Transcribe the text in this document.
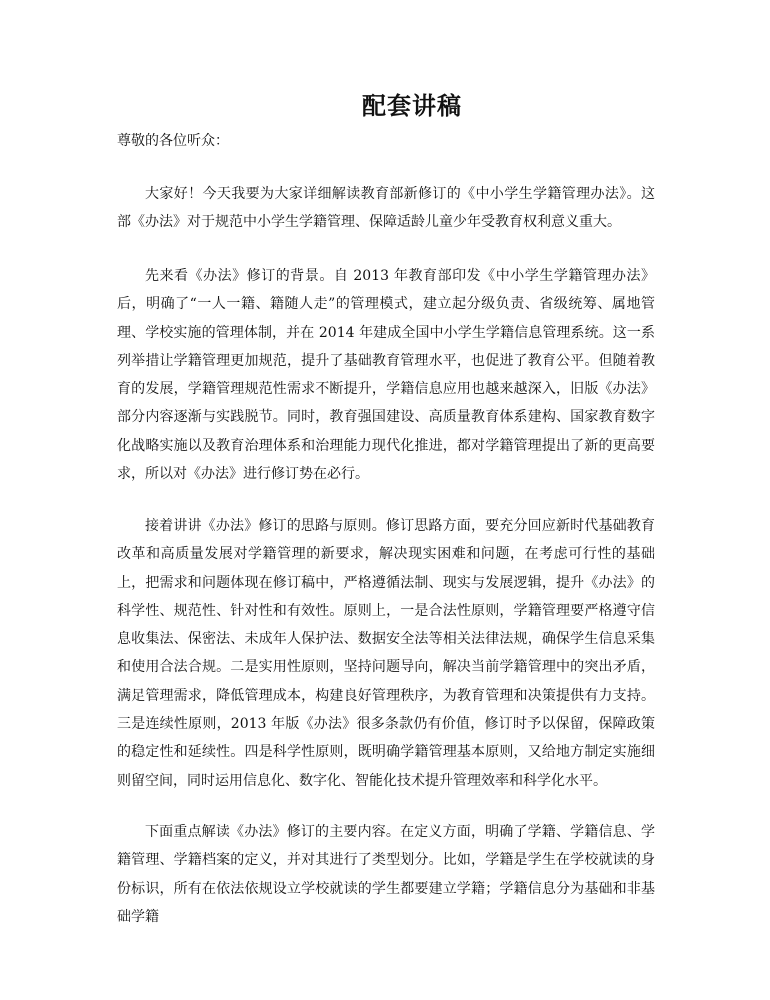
配套讲稿

尊敬的各位听众：

大家好！今天我要为大家详细解读教育部新修订的《中小学生学籍管理办法》。这部《办法》对于规范中小学生学籍管理、保障适龄儿童少年受教育权利意义重大。

先来看《办法》修订的背景。自 2013 年教育部印发《中小学生学籍管理办法》后，明确了“一人一籍、籍随人走”的管理模式，建立起分级负责、省级统筹、属地管理、学校实施的管理体制，并在 2014 年建成全国中小学生学籍信息管理系统。这一系列举措让学籍管理更加规范，提升了基础教育管理水平，也促进了教育公平。但随着教育的发展，学籍管理规范性需求不断提升，学籍信息应用也越来越深入，旧版《办法》部分内容逐渐与实践脱节。同时，教育强国建设、高质量教育体系建构、国家教育数字化战略实施以及教育治理体系和治理能力现代化推进，都对学籍管理提出了新的更高要求，所以对《办法》进行修订势在必行。

接着讲讲《办法》修订的思路与原则。修订思路方面，要充分回应新时代基础教育改革和高质量发展对学籍管理的新要求，解决现实困难和问题，在考虑可行性的基础上，把需求和问题体现在修订稿中，严格遵循法制、现实与发展逻辑，提升《办法》的科学性、规范性、针对性和有效性。原则上，一是合法性原则，学籍管理要严格遵守信息收集法、保密法、未成年人保护法、数据安全法等相关法律法规，确保学生信息采集和使用合法合规。二是实用性原则，坚持问题导向，解决当前学籍管理中的突出矛盾，满足管理需求，降低管理成本，构建良好管理秩序，为教育管理和决策提供有力支持。三是连续性原则，2013 年版《办法》很多条款仍有价值，修订时予以保留，保障政策的稳定性和延续性。四是科学性原则，既明确学籍管理基本原则，又给地方制定实施细则留空间，同时运用信息化、数字化、智能化技术提升管理效率和科学化水平。

下面重点解读《办法》修订的主要内容。在定义方面，明确了学籍、学籍信息、学籍管理、学籍档案的定义，并对其进行了类型划分。比如，学籍是学生在学校就读的身份标识，所有在依法依规设立学校就读的学生都要建立学籍；学籍信息分为基础和非基础学籍
